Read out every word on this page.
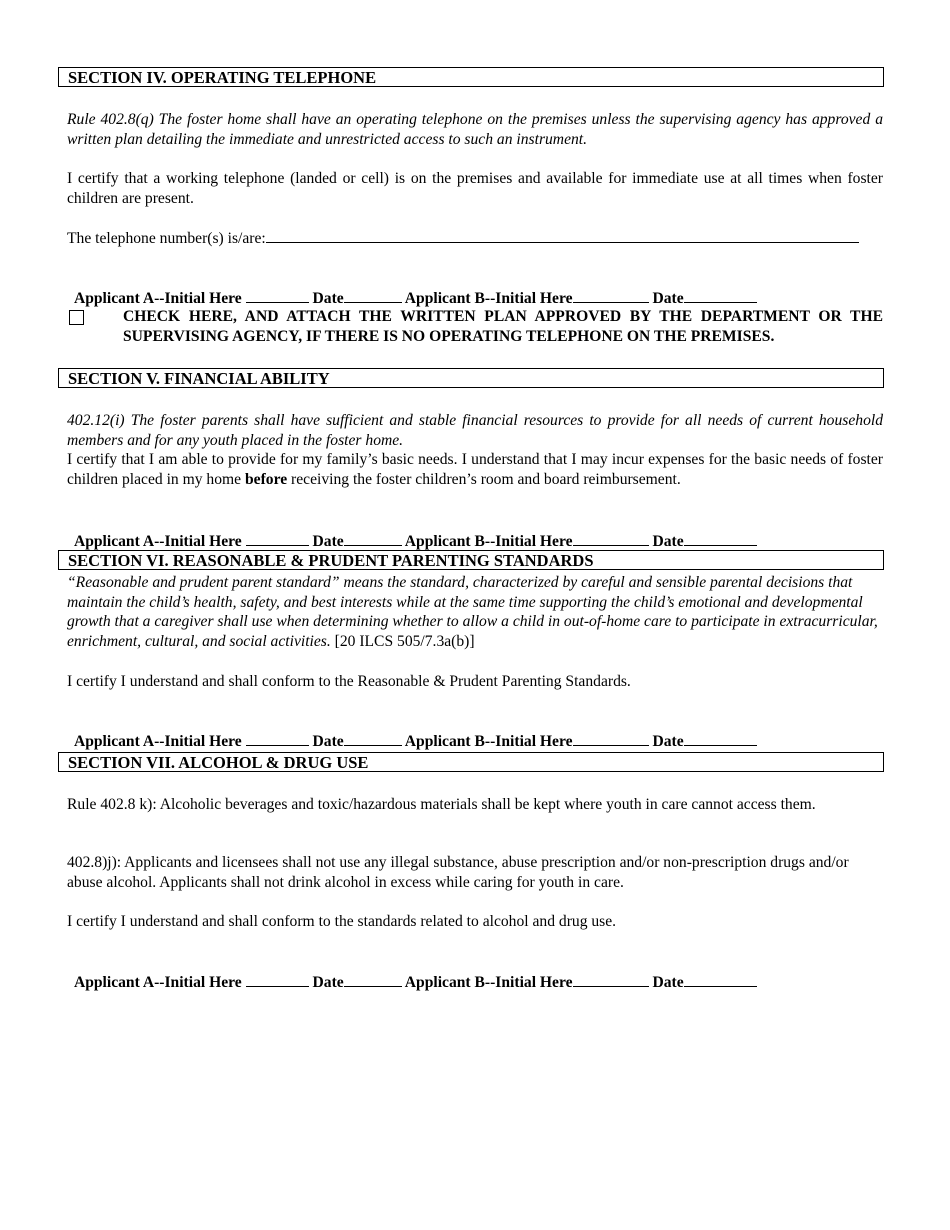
SECTION IV. OPERATING TELEPHONE
Rule 402.8(q) The foster home shall have an operating telephone on the premises unless the supervising agency has approved a written plan detailing the immediate and unrestricted access to such an instrument.
I certify that a working telephone (landed or cell) is on the premises and available for immediate use at all times when foster children are present.
The telephone number(s) is/are:

Applicant A--Initial Here	Date	Applicant B--Initial Here	Date

CHECK HERE, AND ATTACH THE WRITTEN PLAN APPROVED BY THE DEPARTMENT OR THE SUPERVISING AGENCY, IF THERE IS NO OPERATING TELEPHONE ON THE PREMISES.
SECTION V. FINANCIAL ABILITY
402.12(i) The foster parents shall have sufficient and stable financial resources to provide for all needs of current household members and for any youth placed in the foster home.
I certify that I am able to provide for my family’s basic needs. I understand that I may incur expenses for the basic needs of foster children placed in my home before receiving the foster children’s room and board reimbursement.

Applicant A--Initial Here	Date	Applicant B--Initial Here	Date

SECTION VI. REASONABLE & PRUDENT PARENTING STANDARDS
“Reasonable and prudent parent standard” means the standard, characterized by careful and sensible parental decisions that maintain the child’s health, safety, and best interests while at the same time supporting the child’s emotional and developmental growth that a caregiver shall use when determining whether to allow a child in out-of-home care to participate in extracurricular, enrichment, cultural, and social activities. [20 ILCS 505/7.3a(b)]
I certify I understand and shall conform to the Reasonable & Prudent Parenting Standards.

Applicant A--Initial Here	Date	Applicant B--Initial Here	Date

SECTION VII. ALCOHOL & DRUG USE
Rule 402.8 k): Alcoholic beverages and toxic/hazardous materials shall be kept where youth in care cannot access them.
402.8)j): Applicants and licensees shall not use any illegal substance, abuse prescription and/or non-prescription drugs and/or abuse alcohol. Applicants shall not drink alcohol in excess while caring for youth in care.
I certify I understand and shall conform to the standards related to alcohol and drug use.

Applicant A--Initial Here	Date	Applicant B--Initial Here	Date
